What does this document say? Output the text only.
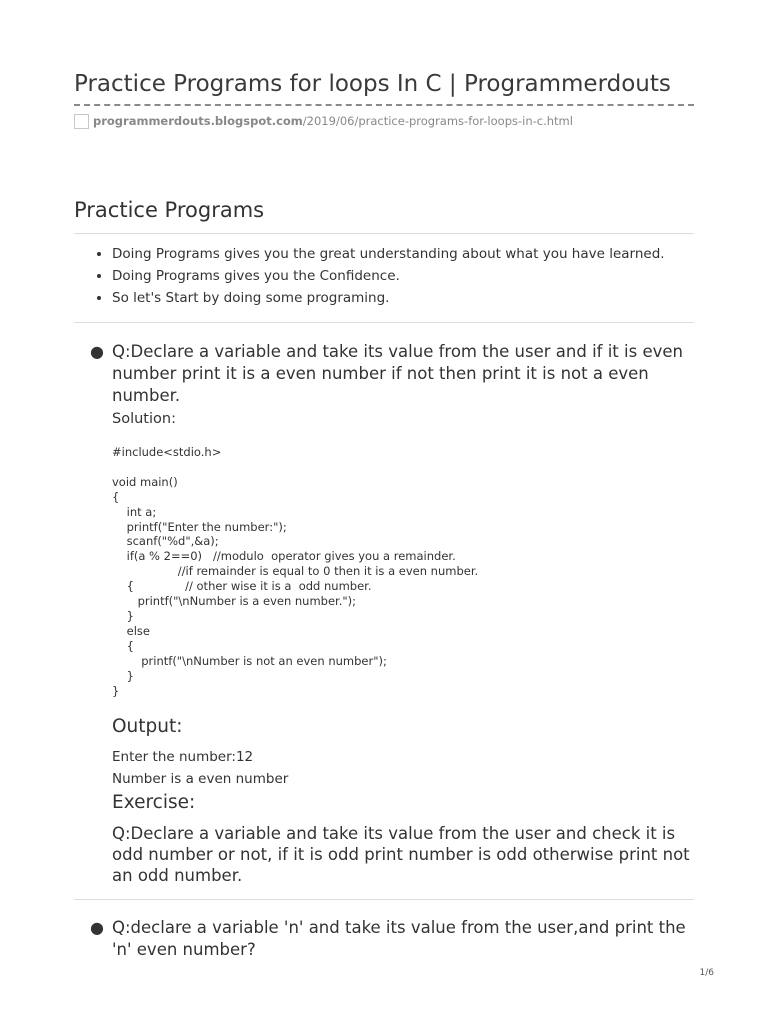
Practice Programs for loops In C | Programmerdouts
programmerdouts.blogspot.com /2019/06/practice-programs-for-loops-in-c.html
Practice Programs
• Doing Programs gives you the great understanding about what you have learned.
• Doing Programs gives you the Confidence.
• So let's Start by doing some programing.
● Q:Declare a variable and take its value from the user and if it is even number print it is a even number if not then print it is not a even number.
Solution:
#include<stdio.h>

void main()
{
int a;
printf("Enter the number:");
scanf("%d",&a);
if(a % 2==0)   //modulo  operator gives you a remainder.
//if remainder is equal to 0 then it is a even number.
{              // other wise it is a  odd number.
printf("\nNumber is a even number.");
}
else
{
printf("\nNumber is not an even number");
}
}
Output:
Enter the number:12
Number is a even number
Exercise:
Q:Declare a variable and take its value from the user and check it is odd number or not, if it is odd print number is odd otherwise print not an odd number.
● Q:declare a variable 'n' and take its value from the user,and print the 'n' even number?
1/6
